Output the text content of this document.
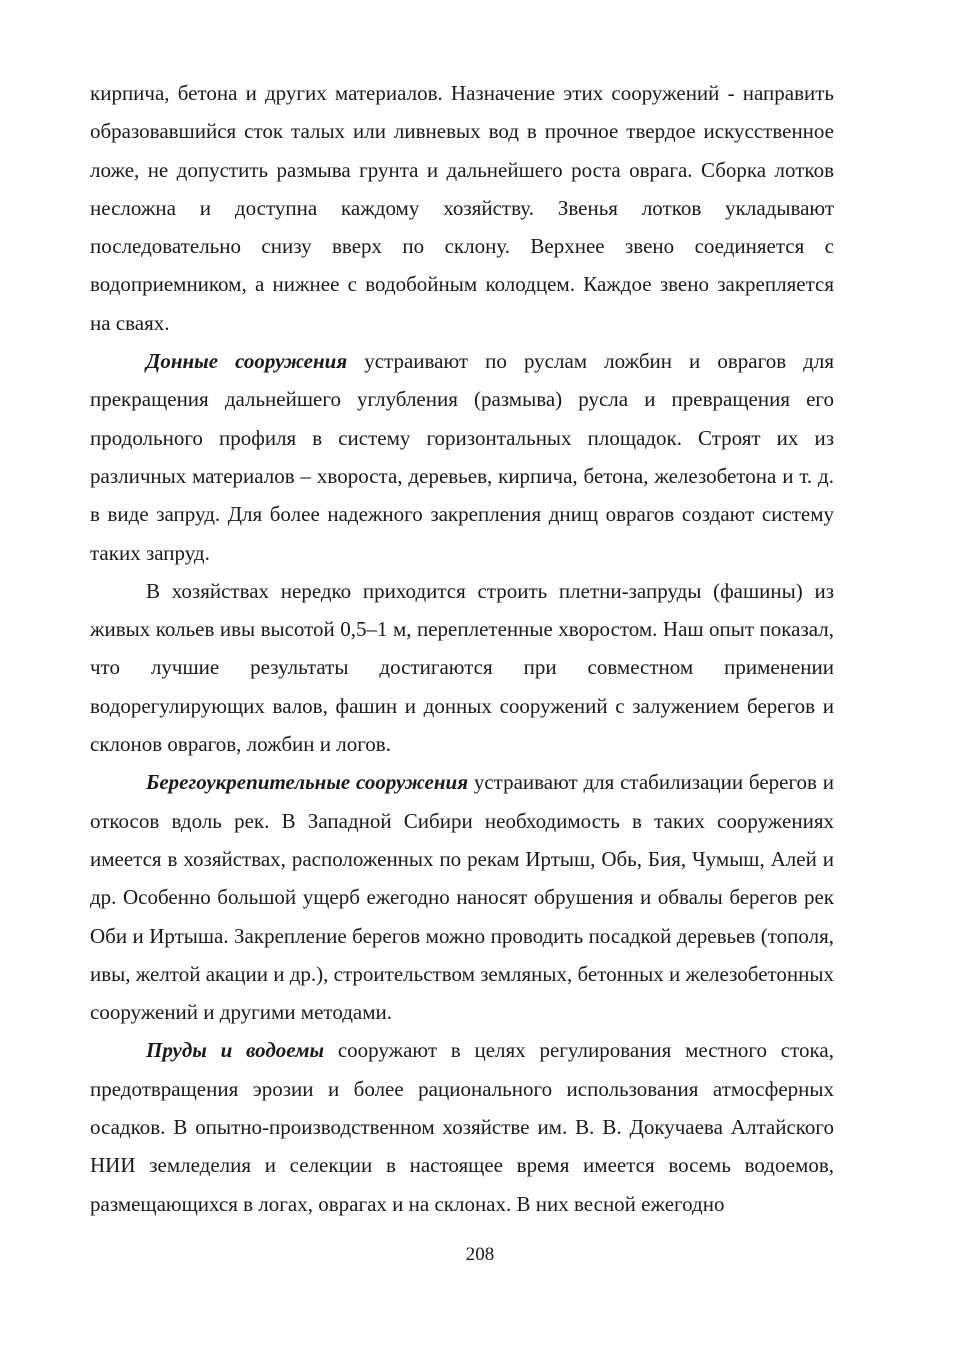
кирпича, бетона и других материалов. Назначение этих сооружений - направить образовавшийся сток талых или ливневых вод в прочное твердое искусственное ложе, не допустить размыва грунта и дальнейшего роста оврага. Сборка лотков несложна и доступна каждому хозяйству. Звенья лотков укладывают последовательно снизу вверх по склону. Верхнее звено соединяется с водоприемником, а нижнее с водобойным колодцем. Каждое звено закрепляется на сваях.

Донные сооружения устраивают по руслам ложбин и оврагов для прекращения дальнейшего углубления (размыва) русла и превращения его продольного профиля в систему горизонтальных площадок. Строят их из различных материалов – хвороста, деревьев, кирпича, бетона, железобетона и т. д. в виде запруд. Для более надежного закрепления днищ оврагов создают систему таких запруд.

В хозяйствах нередко приходится строить плетни-запруды (фашины) из живых кольев ивы высотой 0,5–1 м, переплетенные хворостом. Наш опыт показал, что лучшие результаты достигаются при совместном применении водорегулирующих валов, фашин и донных сооружений с залужением берегов и склонов оврагов, ложбин и логов.

Берегоукрепительные сооружения устраивают для стабилизации берегов и откосов вдоль рек. В Западной Сибири необходимость в таких сооружениях имеется в хозяйствах, расположенных по рекам Иртыш, Обь, Бия, Чумыш, Алей и др. Особенно большой ущерб ежегодно наносят обрушения и обвалы берегов рек Оби и Иртыша. Закрепление берегов можно проводить посадкой деревьев (тополя, ивы, желтой акации и др.), строительством земляных, бетонных и железобетонных сооружений и другими методами.

Пруды и водоемы сооружают в целях регулирования местного стока, предотвращения эрозии и более рационального использования атмосферных осадков. В опытно-производственном хозяйстве им. В. В. Докучаева Алтайского НИИ земледелия и селекции в настоящее время имеется восемь водоемов, размещающихся в логах, оврагах и на склонах. В них весной ежегодно

208
